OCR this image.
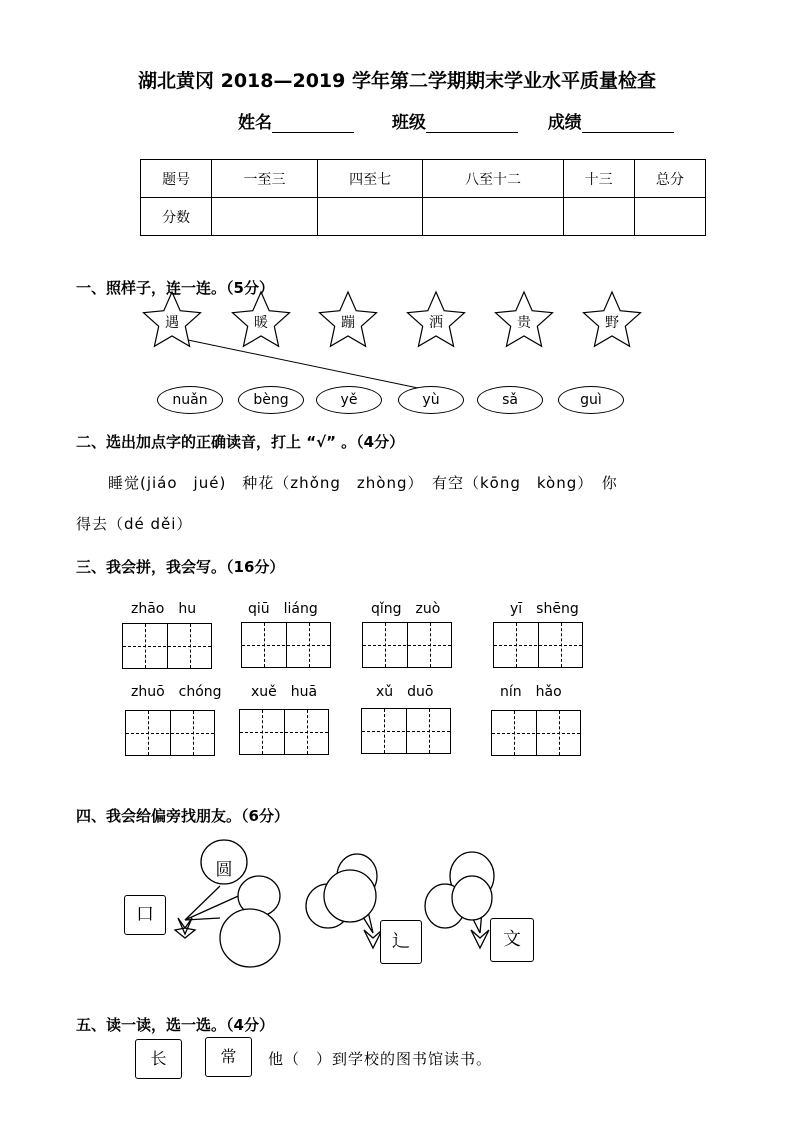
湖北黄冈 2018—2019 学年第二学期期末学业水平质量检查
姓名	班级	成绩
题号	一至三	四至七	八至十二	十三	总分
分数					
一、照样子，连一连。（5分）
遇	暖	蹦	洒	贵	野
nuǎn	bèng	yě	yù	sǎ	guì
二、选出加点字的正确读音，打上 “√” 。（4分）
睡觉(jiáo　jué)　种花（zhǒng　zhòng）　有空（kōng　kòng）　你
得去（dé děi）
三、我会拼，我会写。（16分）
zhāo　hu	qiū　liáng	qǐng　zuò	yī　shēng
zhuō　chóng xuě　huā	xǔ　duō	nín　hǎo
四、我会给偏旁找朋友。（6分）
圆
口
辶	文
五、读一读，选一选。（4分）
长	常	他（　）到学校的图书馆读书。
